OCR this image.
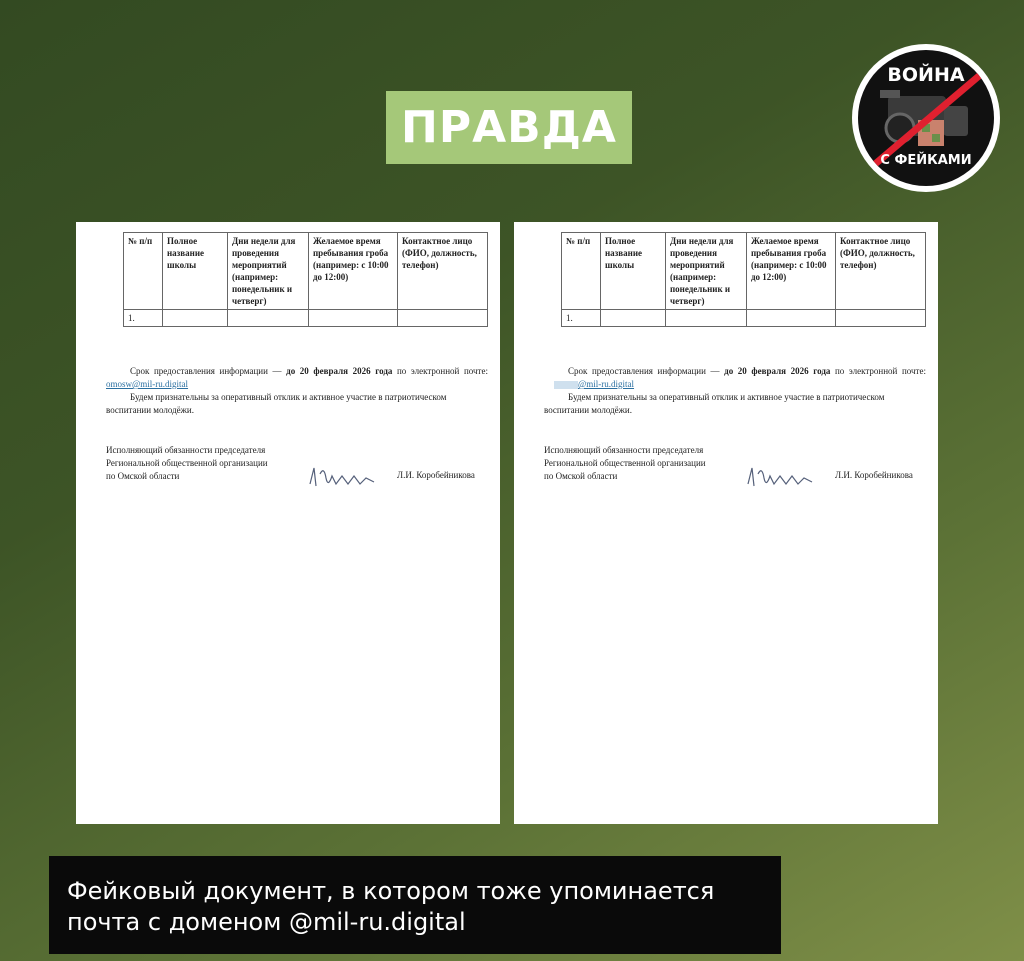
ПРАВДА
ВОЙНА
С ФЕЙКАМИ
№ п/п	Полное название школы	Дни недели для проведения мероприятий (например: понедельник и четверг)	Желаемое время пребывания гроба (например: с 10:00 до 12:00)	Контактное лицо (ФИО, должность, телефон)
1.				
Срок предоставления информации — до 20 февраля 2026 года по электронной почте: omosw@mil-ru.digital
Будем признательны за оперативный отклик и активное участие в патриотическом воспитании молодёжи.
Исполняющий обязанности председателя
Региональной общественной организации
по Омской области	Л.И. Коробейникова
№ п/п	Полное название школы	Дни недели для проведения мероприятий (например: понедельник и четверг)	Желаемое время пребывания гроба (например: с 10:00 до 12:00)	Контактное лицо (ФИО, должность, телефон)
1.				
Срок предоставления информации — до 20 февраля 2026 года по электронной почте: @mil-ru.digital
Будем признательны за оперативный отклик и активное участие в патриотическом воспитании молодёжи.
Исполняющий обязанности председателя
Региональной общественной организации
по Омской области	Л.И. Коробейникова
Фейковый документ, в котором тоже упоминается почта с доменом @mil-ru.digital
